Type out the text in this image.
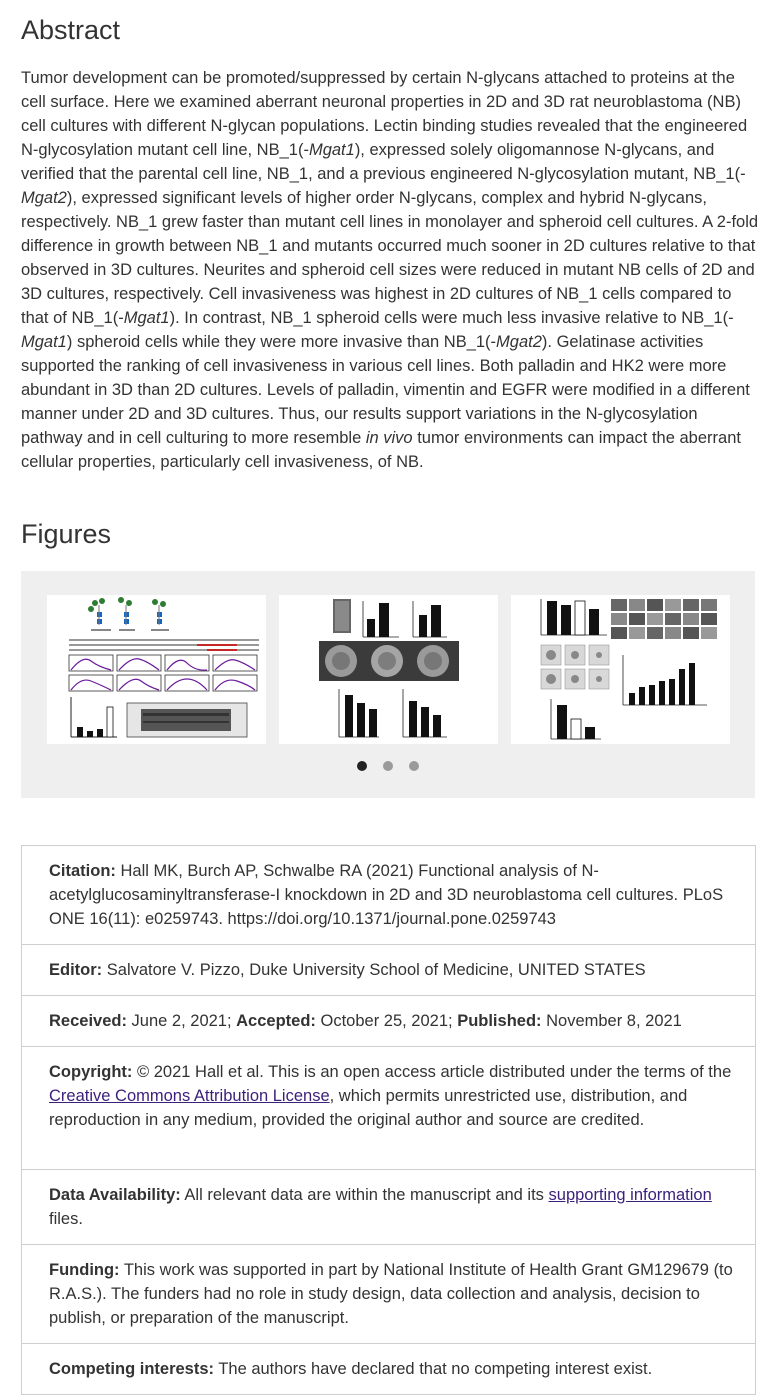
Abstract

Tumor development can be promoted/suppressed by certain N-glycans attached to proteins at the cell surface. Here we examined aberrant neuronal properties in 2D and 3D rat neuroblastoma (NB) cell cultures with different N-glycan populations. Lectin binding studies revealed that the engineered N-glycosylation mutant cell line, NB_1(-Mgat1), expressed solely oligomannose N-glycans, and verified that the parental cell line, NB_1, and a previous engineered N-glycosylation mutant, NB_1(-Mgat2), expressed significant levels of higher order N-glycans, complex and hybrid N-glycans, respectively. NB_1 grew faster than mutant cell lines in monolayer and spheroid cell cultures. A 2-fold difference in growth between NB_1 and mutants occurred much sooner in 2D cultures relative to that observed in 3D cultures. Neurites and spheroid cell sizes were reduced in mutant NB cells of 2D and 3D cultures, respectively. Cell invasiveness was highest in 2D cultures of NB_1 cells compared to that of NB_1(-Mgat1). In contrast, NB_1 spheroid cells were much less invasive relative to NB_1(-Mgat1) spheroid cells while they were more invasive than NB_1(-Mgat2). Gelatinase activities supported the ranking of cell invasiveness in various cell lines. Both palladin and HK2 were more abundant in 3D than 2D cultures. Levels of palladin, vimentin and EGFR were modified in a different manner under 2D and 3D cultures. Thus, our results support variations in the N-glycosylation pathway and in cell culturing to more resemble in vivo tumor environments can impact the aberrant cellular properties, particularly cell invasiveness, of NB.

Figures
Citation: Hall MK, Burch AP, Schwalbe RA (2021) Functional analysis of N-acetylglucosaminyltransferase-I knockdown in 2D and 3D neuroblastoma cell cultures. PLoS ONE 16(11): e0259743. https://doi.org/10.1371/journal.pone.0259743
Editor: Salvatore V. Pizzo, Duke University School of Medicine, UNITED STATES
Received: June 2, 2021; Accepted: October 25, 2021; Published: November 8, 2021
Copyright: © 2021 Hall et al. This is an open access article distributed under the terms of the Creative Commons Attribution License, which permits unrestricted use, distribution, and reproduction in any medium, provided the original author and source are credited.
Data Availability: All relevant data are within the manuscript and its supporting information files.
Funding: This work was supported in part by National Institute of Health Grant GM129679 (to R.A.S.). The funders had no role in study design, data collection and analysis, decision to publish, or preparation of the manuscript.
Competing interests: The authors have declared that no competing interest exist.
